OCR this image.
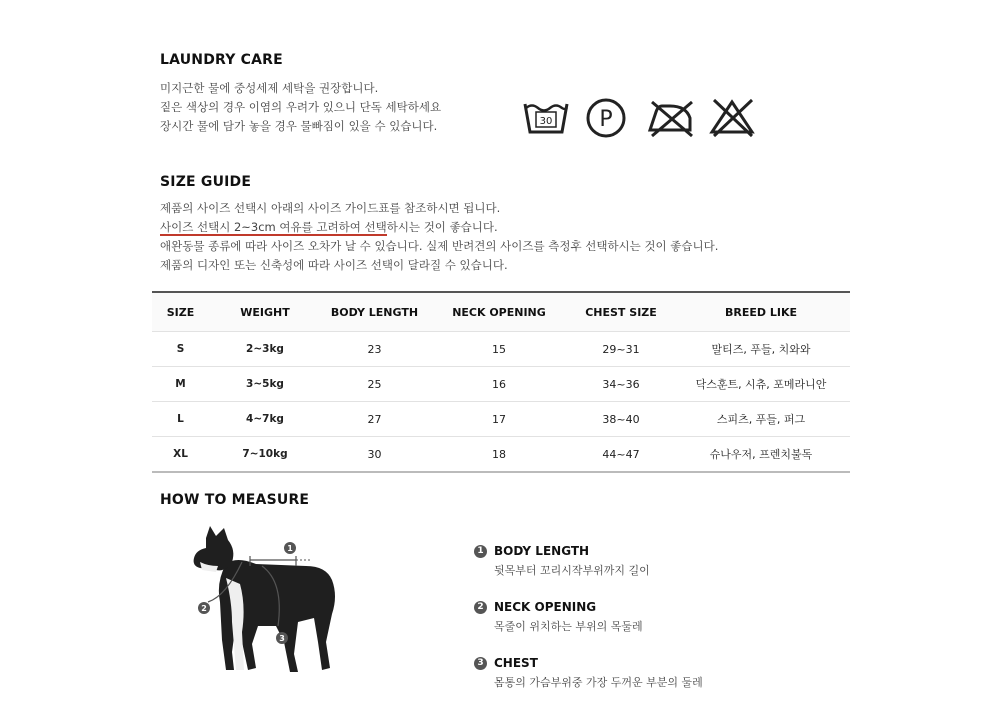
LAUNDRY CARE
미지근한 물에 중성세제 세탁을 권장합니다.
짙은 색상의 경우 이염의 우려가 있으니 단독 세탁하세요
장시간 물에 담가 놓을 경우 물빠짐이 있을 수 있습니다.	30 P
SIZE GUIDE
제품의 사이즈 선택시 아래의 사이즈 가이드표를 참조하시면 됩니다.
사이즈 선택시 2~3cm 여유를 고려하여 선택하시는 것이 좋습니다.
애완동물 종류에 따라 사이즈 오차가 날 수 있습니다. 실제 반려견의 사이즈를 측정후 선택하시는 것이 좋습니다.
제품의 디자인 또는 신축성에 따라 사이즈 선택이 달라질 수 있습니다.
SIZE	WEIGHT	BODY LENGTH	NECK OPENING	CHEST SIZE	BREED LIKE
S	2~3kg	23	15	29~31	말티즈, 푸들, 치와와
M	3~5kg	25	16	34~36	닥스훈트, 시츄, 포메라니안
L	4~7kg	27	17	38~40	스피츠, 푸들, 퍼그
XL	7~10kg	30	18	44~47	슈나우저, 프렌치불독
HOW TO MEASURE
1
2
3
1 BODY LENGTH
뒷목부터 꼬리시작부위까지 길이
2 NECK OPENING
목줄이 위치하는 부위의 목둘레
3 CHEST
몸통의 가슴부위중 가장 두꺼운 부분의 둘레
